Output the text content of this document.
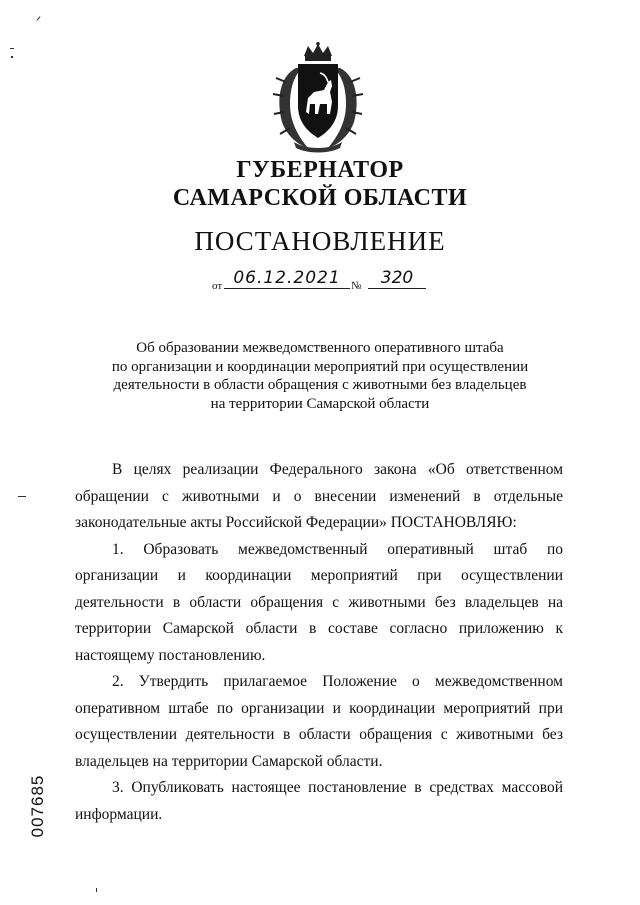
ГУБЕРНАТОР
САМАРСКОЙ ОБЛАСТИ
ПОСТАНОВЛЕНИЕ
от 06.12.2021 №	320
Об образовании межведомственного оперативного штаба
по организации и координации мероприятий при осуществлении
деятельности в области обращения с животными без владельцев
на территории Самарской области

В целях реализации Федерального закона «Об ответственном обращении с животными и о внесении изменений в отдельные законодательные акты Российской Федерации» ПОСТАНОВЛЯЮ:

1. Образовать межведомственный оперативный штаб по организации и координации мероприятий при осуществлении деятельности в области обращения с животными без владельцев на территории Самарской области в составе согласно приложению к настоящему постановлению.

2. Утвердить прилагаемое Положение о межведомственном оперативном штабе по организации и координации мероприятий при осуществлении деятельности в области обращения с животными без владельцев на территории Самарской области.

3. Опубликовать настоящее постановление в средствах массовой информации.

007685
